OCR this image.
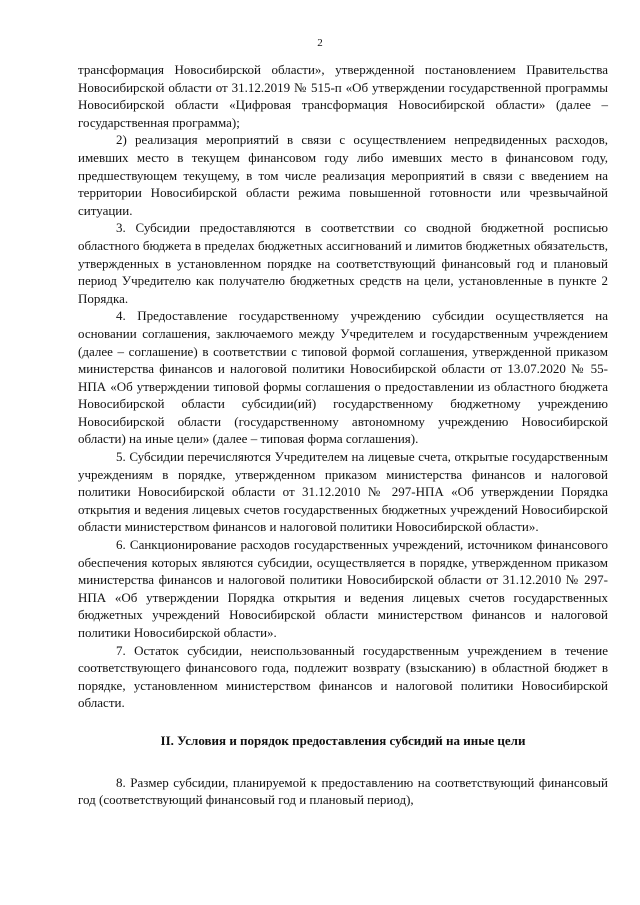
2

трансформация Новосибирской области», утвержденной постановлением Правительства Новосибирской области от 31.12.2019 № 515-п «Об утверждении государственной программы Новосибирской области «Цифровая трансформация Новосибирской области» (далее – государственная программа);

2) реализация мероприятий в связи с осуществлением непредвиденных расходов, имевших место в текущем финансовом году либо имевших место в финансовом году, предшествующем текущему, в том числе реализация мероприятий в связи с введением на территории Новосибирской области режима повышенной готовности или чрезвычайной ситуации.

3. Субсидии предоставляются в соответствии со сводной бюджетной росписью областного бюджета в пределах бюджетных ассигнований и лимитов бюджетных обязательств, утвержденных в установленном порядке на соответствующий финансовый год и плановый период Учредителю как получателю бюджетных средств на цели, установленные в пункте 2 Порядка.

4. Предоставление государственному учреждению субсидии осуществляется на основании соглашения, заключаемого между Учредителем и государственным учреждением (далее – соглашение) в соответствии с типовой формой соглашения, утвержденной приказом министерства финансов и налоговой политики Новосибирской области от 13.07.2020 № 55-НПА «Об утверждении типовой формы соглашения о предоставлении из областного бюджета Новосибирской области субсидии(ий) государственному бюджетному учреждению Новосибирской области (государственному автономному учреждению Новосибирской области) на иные цели» (далее – типовая форма соглашения).

5. Субсидии перечисляются Учредителем на лицевые счета, открытые государственным учреждениям в порядке, утвержденном приказом министерства финансов и налоговой политики Новосибирской области от 31.12.2010 № 297-НПА «Об утверждении Порядка открытия и ведения лицевых счетов государственных бюджетных учреждений Новосибирской области министерством финансов и налоговой политики Новосибирской области».

6. Санкционирование расходов государственных учреждений, источником финансового обеспечения которых являются субсидии, осуществляется в порядке, утвержденном приказом министерства финансов и налоговой политики Новосибирской области от 31.12.2010 № 297-НПА «Об утверждении Порядка открытия и ведения лицевых счетов государственных бюджетных учреждений Новосибирской области министерством финансов и налоговой политики Новосибирской области».

7. Остаток субсидии, неиспользованный государственным учреждением в течение соответствующего финансового года, подлежит возврату (взысканию) в областной бюджет в порядке, установленном министерством финансов и налоговой политики Новосибирской области.

II. Условия и порядок предоставления субсидий на иные цели

8. Размер субсидии, планируемой к предоставлению на соответствующий финансовый год (соответствующий финансовый год и плановый период),
